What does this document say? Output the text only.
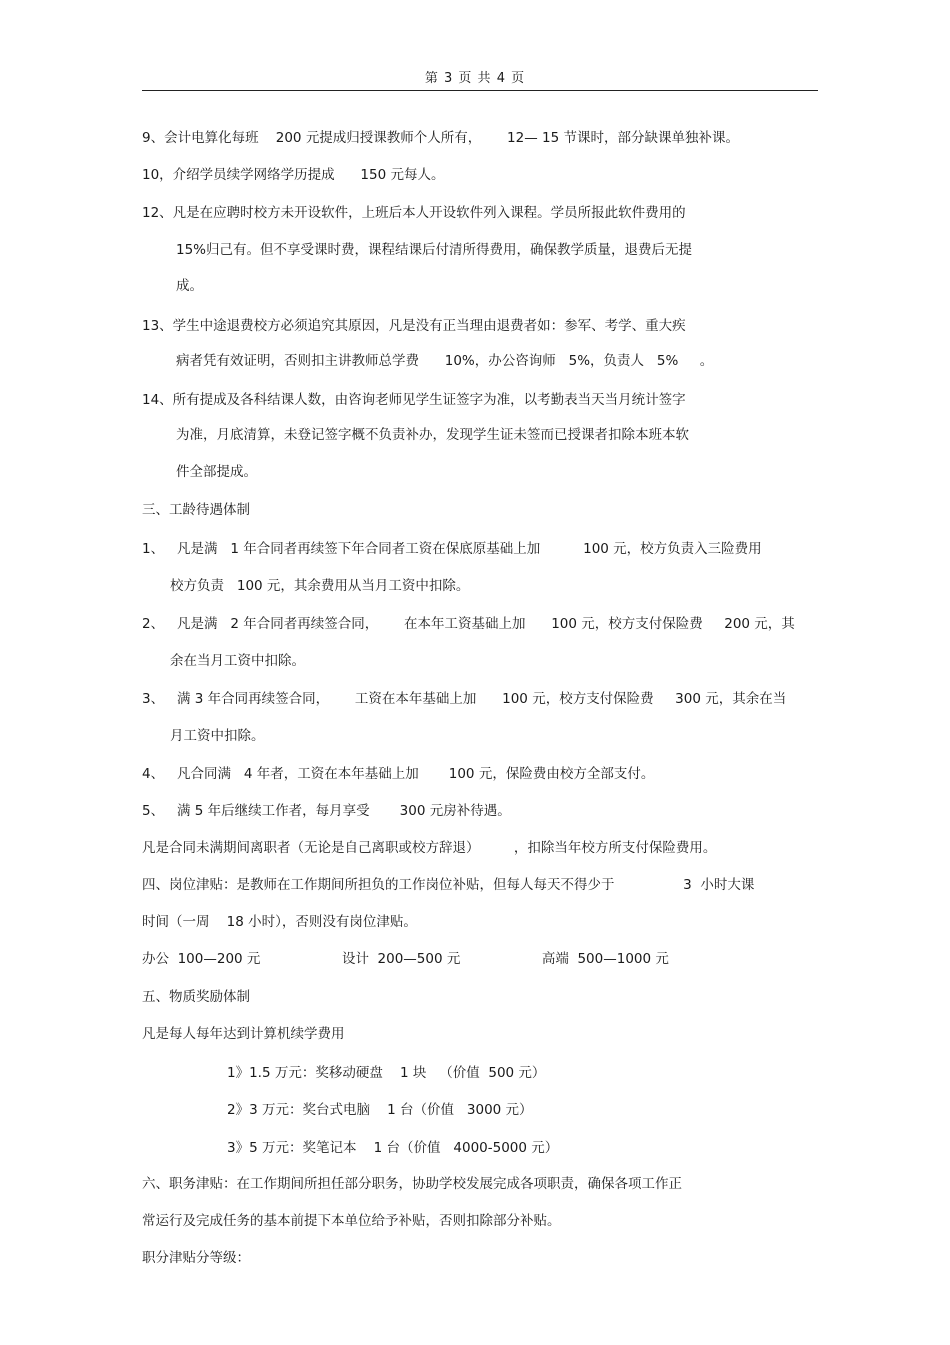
第 3 页 共 4 页
9、会计电算化每班    200 元提成归授课教师个人所有，      12— 15 节课时，部分缺课单独补课。
10，介绍学员续学网络学历提成      150 元每人。
12、凡是在应聘时校方未开设软件，上班后本人开设软件列入课程。学员所报此软件费用的
15%归己有。但不享受课时费，课程结课后付清所得费用，确保教学质量，退费后无提
成。
13、学生中途退费校方必须追究其原因，凡是没有正当理由退费者如：参军、考学、重大疾
病者凭有效证明，否则扣主讲教师总学费      10%，办公咨询师   5%，负责人   5%     。
14、所有提成及各科结课人数，由咨询老师见学生证签字为准，以考勤表当天当月统计签字
为准，月底清算，未登记签字概不负责补办，发现学生证未签而已授课者扣除本班本软
件全部提成。
三、工龄待遇体制
1、   凡是满   1 年合同者再续签下年合同者工资在保底原基础上加          100 元，校方负责入三险费用
校方负责   100 元，其余费用从当月工资中扣除。
2、   凡是满   2 年合同者再续签合同，      在本年工资基础上加      100 元，校方支付保险费     200 元，其
余在当月工资中扣除。
3、   满 3 年合同再续签合同，      工资在本年基础上加      100 元，校方支付保险费     300 元，其余在当
月工资中扣除。
4、   凡合同满   4 年者，工资在本年基础上加       100 元，保险费由校方全部支付。
5、   满 5 年后继续工作者，每月享受       300 元房补待遇。
凡是合同未满期间离职者（无论是自己离职或校方辞退）        ，扣除当年校方所支付保险费用。
四、岗位津贴：是教师在工作期间所担负的工作岗位补贴，但每人每天不得少于                3  小时大课
时间（一周    18 小时），否则没有岗位津贴。
办公  100—200 元                   设计  200—500 元                   高端  500—1000 元
五、物质奖励体制
凡是每人每年达到计算机续学费用
1》1.5 万元：奖移动硬盘    1 块   （价值  500 元）
2》3 万元：奖台式电脑    1 台（价值   3000 元）
3》5 万元：奖笔记本    1 台（价值   4000-5000 元）
六、职务津贴：在工作期间所担任部分职务，协助学校发展完成各项职责，确保各项工作正
常运行及完成任务的基本前提下本单位给予补贴，否则扣除部分补贴。
职分津贴分等级：
